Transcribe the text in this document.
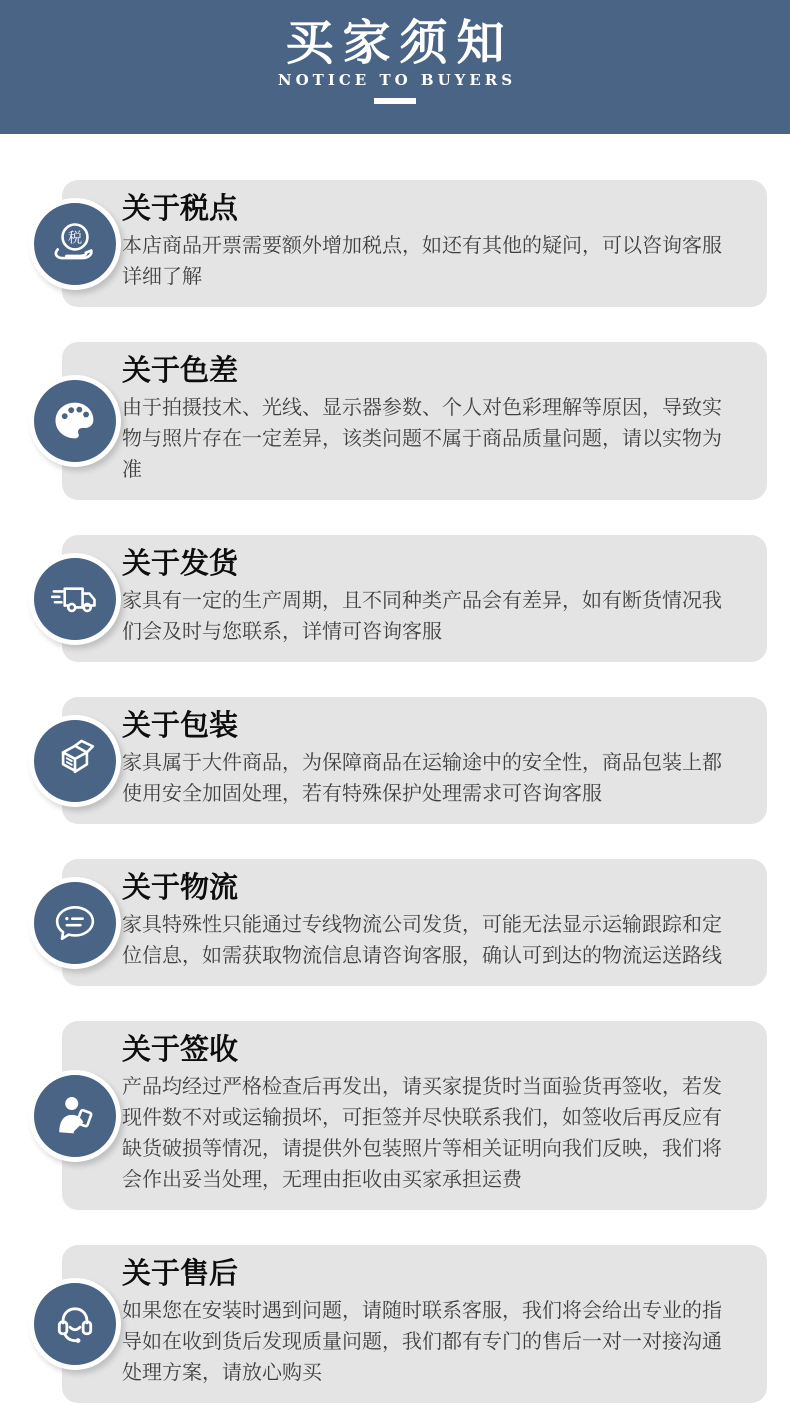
买家须知
NOTICE TO BUYERS
税
关于税点

本店商品开票需要额外增加税点，如还有其他的疑问，可以咨询客服详细了解

关于色差

由于拍摄技术、光线、显示器参数、个人对色彩理解等原因，导致实物与照片存在一定差异，该类问题不属于商品质量问题，请以实物为准

关于发货

家具有一定的生产周期，且不同种类产品会有差异，如有断货情况我们会及时与您联系，详情可咨询客服

关于包装

家具属于大件商品，为保障商品在运输途中的安全性，商品包装上都使用安全加固处理，若有特殊保护处理需求可咨询客服

关于物流

家具特殊性只能通过专线物流公司发货，可能无法显示运输跟踪和定位信息，如需获取物流信息请咨询客服，确认可到达的物流运送路线

关于签收

产品均经过严格检查后再发出，请买家提货时当面验货再签收，若发现件数不对或运输损坏，可拒签并尽快联系我们，如签收后再反应有缺货破损等情况，请提供外包装照片等相关证明向我们反映，我们将会作出妥当处理，无理由拒收由买家承担运费

关于售后

如果您在安装时遇到问题，请随时联系客服，我们将会给出专业的指导如在收到货后发现质量问题，我们都有专门的售后一对一对接沟通处理方案，请放心购买
